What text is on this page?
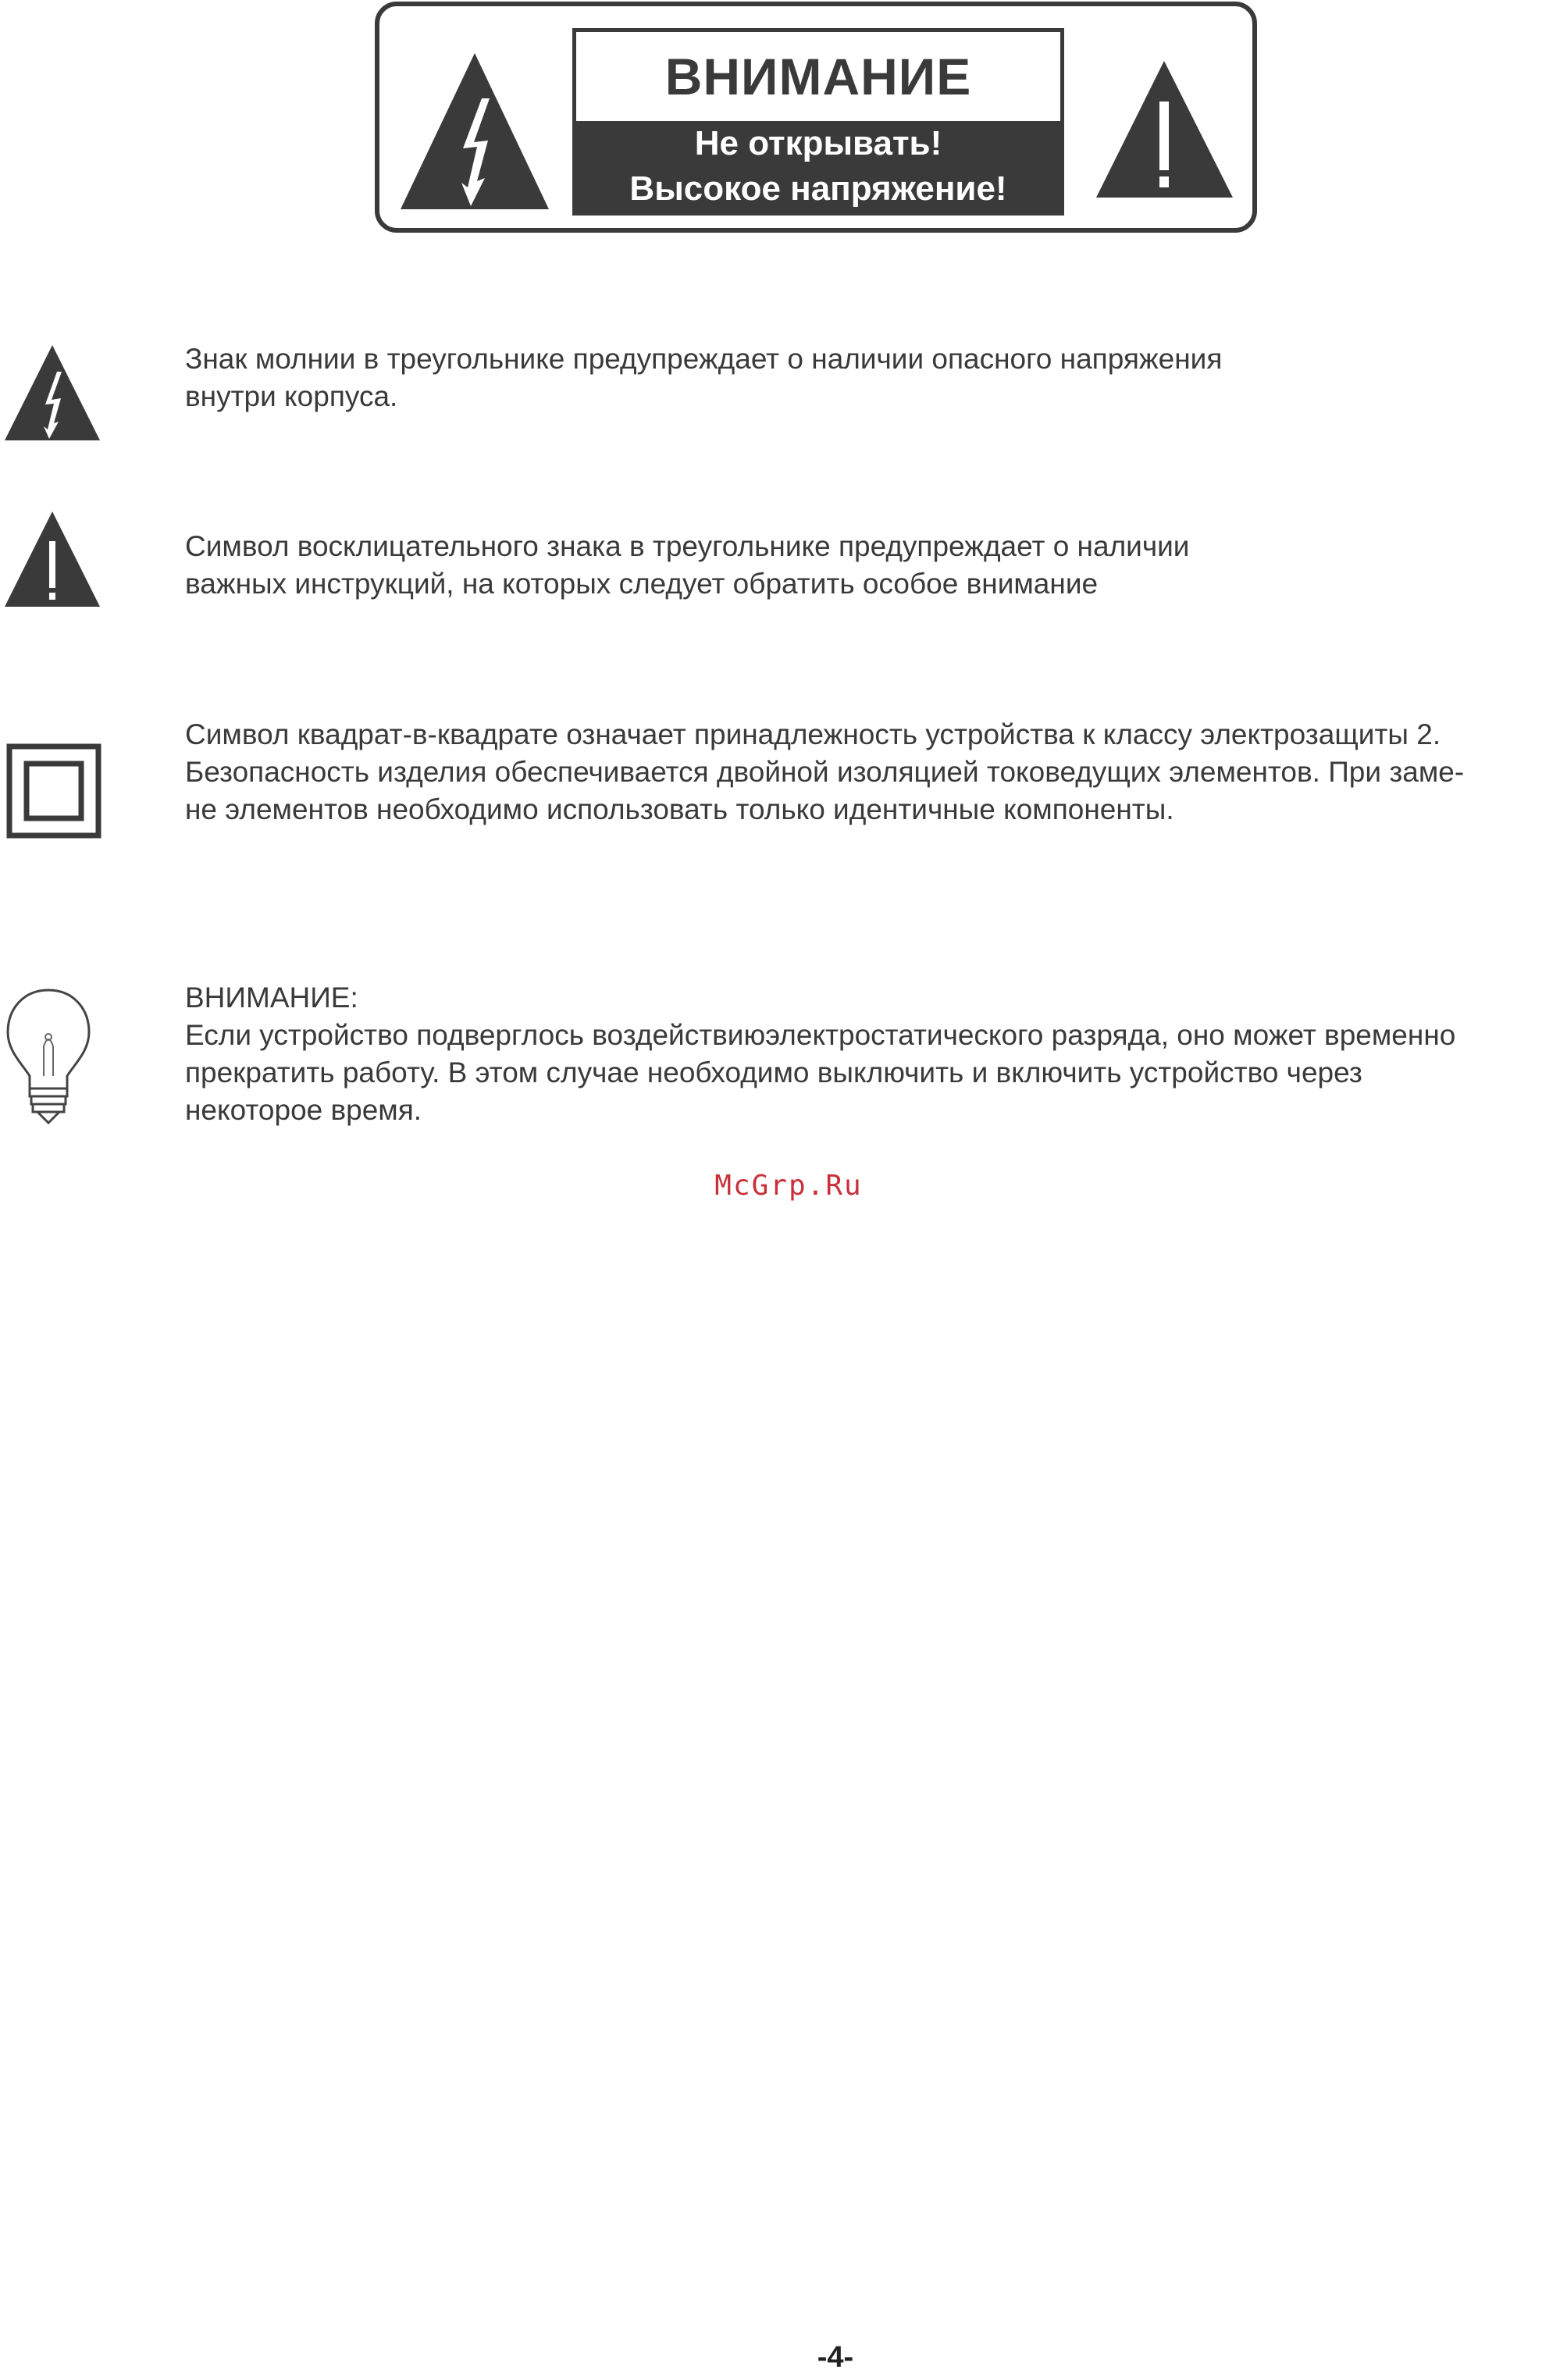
ВНИМАНИЕ
Не открывать!
Высокое напряжение!
Знак молнии в треугольнике предупреждает о наличии опасного напряжения
внутри корпуса.
Символ восклицательного знака в треугольнике предупреждает о наличии
важных инструкций, на которых следует обратить особое внимание
Символ квадрат-в-квадрате означает принадлежность устройства к классу электрозащиты 2.
Безопасность изделия обеспечивается двойной изоляцией токоведущих элементов. При заме-
не элементов необходимо использовать только идентичные компоненты.
ВНИМАНИЕ:
Если устройство подверглось воздействиюэлектростатического разряда, оно может временно
прекратить работу. В этом случае необходимо выключить и включить устройство через
некоторое время.
McGrp.Ru
-4-
